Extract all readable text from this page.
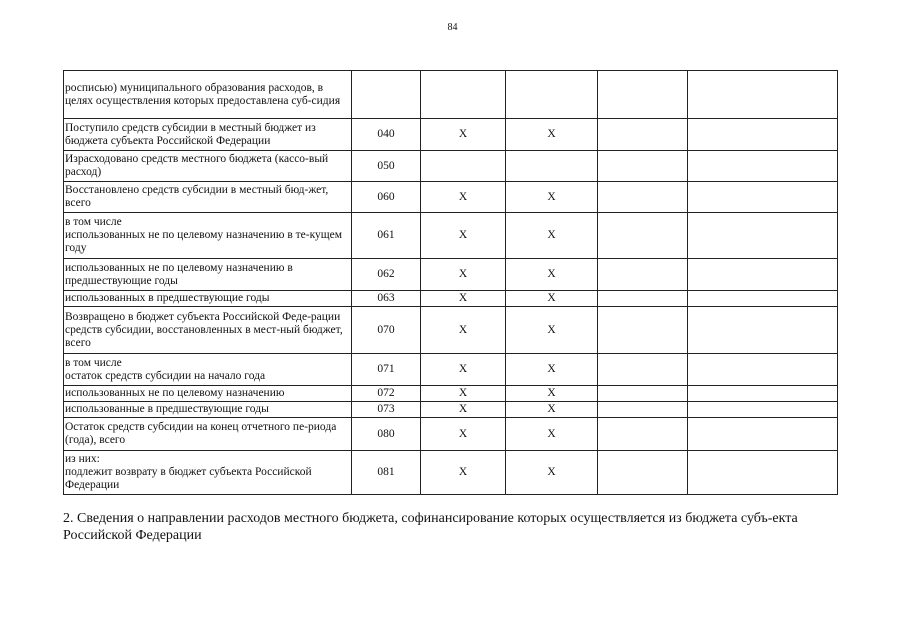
84
росписью) муниципального образования расходов, в целях осуществления которых предоставлена суб-сидия					
Поступило средств субсидии в местный бюджет из бюджета субъекта Российской Федерации	040	Х	Х		
Израсходовано средств местного бюджета (кассо-вый расход)	050				
Восстановлено средств субсидии в местный бюд-жет, всего	060	Х	Х		
в том числе
использованных не по целевому назначению в те-кущем году	061	Х	Х		
использованных не по целевому назначению в предшествующие годы	062	Х	Х		
использованных в предшествующие годы	063	Х	Х		
Возвращено в бюджет субъекта Российской Феде-рации средств субсидии, восстановленных в мест-ный бюджет, всего	070	Х	Х		
в том числе
остаток средств субсидии на начало года	071	Х	Х		
использованных не по целевому назначению	072	Х	Х		
использованные в предшествующие годы	073	Х	Х		
Остаток средств субсидии на конец отчетного пе-риода (года), всего	080	Х	Х		
из них:
подлежит возврату в бюджет субъекта Российской Федерации	081	Х	Х		
2. Сведения о направлении расходов местного бюджета, софинансирование которых осуществляется из бюджета субъ-екта Российской Федерации
